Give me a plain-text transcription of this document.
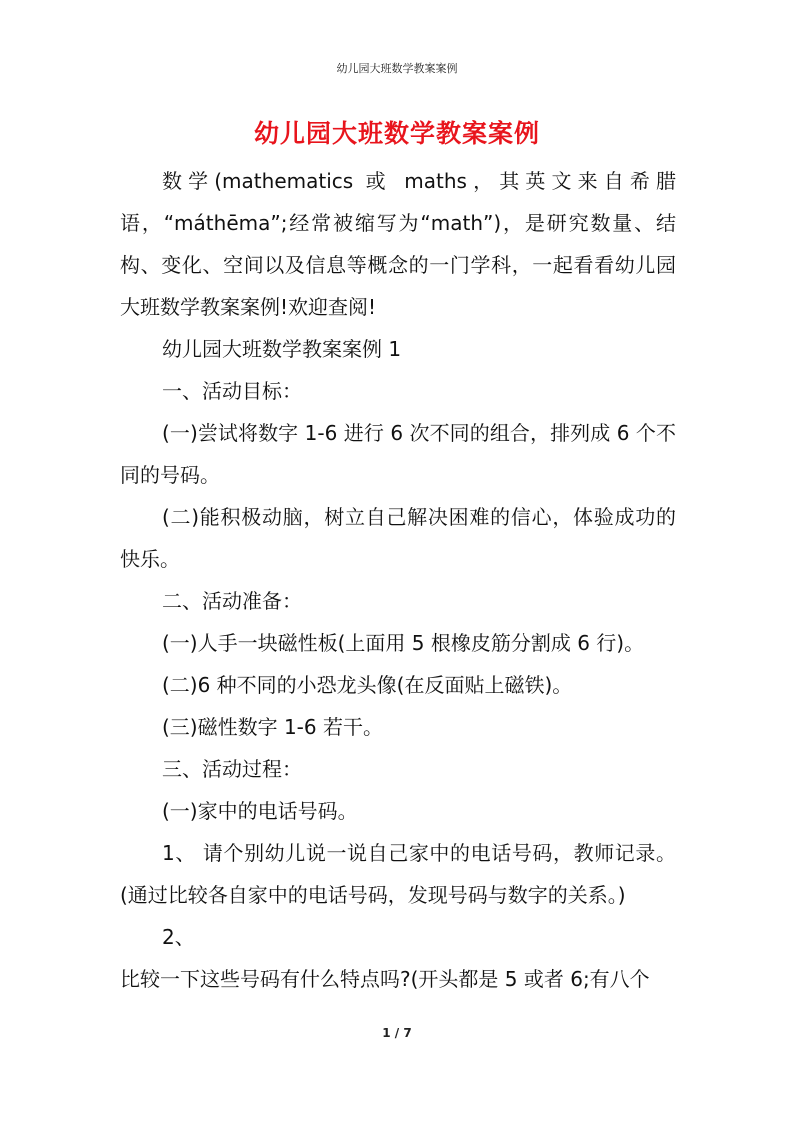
幼儿园大班数学教案案例
幼儿园大班数学教案案例

数学(mathematics 或 maths，其英文来自希腊语，“máthēma”;经常被缩写为“math”)，是研究数量、结构、变化、空间以及信息等概念的一门学科，一起看看幼儿园大班数学教案案例!欢迎查阅!

幼儿园大班数学教案案例 1

一、活动目标：

(一)尝试将数字 1-6 进行 6 次不同的组合，排列成 6 个不同的号码。

(二)能积极动脑，树立自己解决困难的信心，体验成功的快乐。

二、活动准备：

(一)人手一块磁性板(上面用 5 根橡皮筋分割成 6 行)。

(二)6 种不同的小恐龙头像(在反面贴上磁铁)。

(三)磁性数字 1-6 若干。

三、活动过程：

(一)家中的电话号码。

1、 请个别幼儿说一说自己家中的电话号码，教师记录。(通过比较各自家中的电话号码，发现号码与数字的关系。)

2、

比较一下这些号码有什么特点吗?(开头都是 5 或者 6;有八个

1 / 7
